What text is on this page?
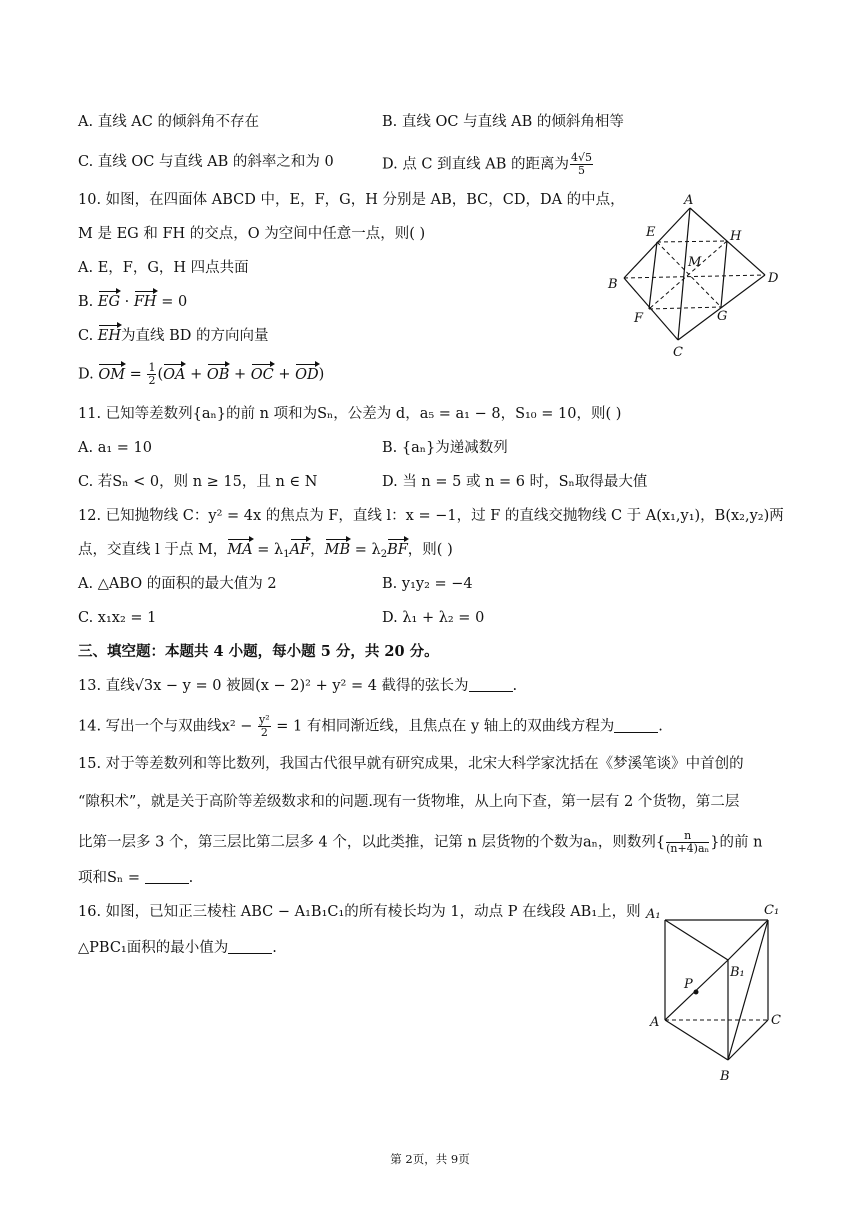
A. 直线 AC 的倾斜角不存在	B. 直线 OC 与直线 AB 的倾斜角相等
C. 直线 OC 与直线 AB 的斜率之和为 0	D. 点 C 到直线 AB 的距离为 $\frac{4√5}{5}$
10. 如图，在四面体 ABCD 中，E，F，G，H 分别是 AB，BC，CD，DA 的中点，
M 是 EG 和 FH 的交点，O 为空间中任意一点，则( )
A. E，F，G，H 四点共面
B. EG · FH = 0
C. EH为直线 BD 的方向向量
D. OM = $\frac{1}{2} (OA$ + OB + OC + OD)
A
E	H
M
B	D
F	G
C
11. 已知等差数列{aₙ}的前 n 项和为Sₙ，公差为 d，a₅ = a₁ − 8，S₁₀ = 10，则( )
A. a₁ = 10	B. {aₙ}为递减数列
C. 若Sₙ < 0，则 n ≥ 15，且 n ∈ N	D. 当 n = 5 或 n = 6 时，Sₙ取得最大值
12. 已知抛物线 C：y² = 4x 的焦点为 F，直线 l：x = −1，过 F 的直线交抛物线 C 于 A(x₁,y₁)，B(x₂,y₂)两
点，交直线 l 于点 M，MA = $\lambda_1AF$，MB = $\lambda_2BF$，则( )
A. △ABO 的面积的最大值为 2	B. y₁y₂ = −4
C. x₁x₂ = 1	D. λ₁ + λ₂ = 0
三、填空题：本题共 4 小题，每小题 5 分，共 20 分。
13. 直线√3x − y = 0 被圆(x − 2)² + y² = 4 截得的弦长为	.
14. 写出一个与双曲线$x^2 - \frac{\text{y²}}{2} = 1$ 有相同渐近线，且焦点在 y 轴上的双曲线方程为	.
15. 对于等差数列和等比数列，我国古代很早就有研究成果，北宋大科学家沈括在《梦溪笔谈》中首创的
“隙积术”，就是关于高阶等差级数求和的问题.现有一货物堆，从上向下查，第一层有 2 个货物，第二层
比第一层多 3 个，第三层比第二层多 4 个，以此类推，记第 n 层货物的个数为aₙ，则数列{ $\frac{n}{\text{(n+4)aₙ}}$ }的前 n
项和Sₙ =	.
16. 如图，已知正三棱柱 ABC − A₁B₁C₁的所有棱长均为 1，动点 P 在线段 AB₁上，则
△PBC₁面积的最小值为	.
A₁	C₁
B₁
P
A	C
B
第 2页，共 9页
